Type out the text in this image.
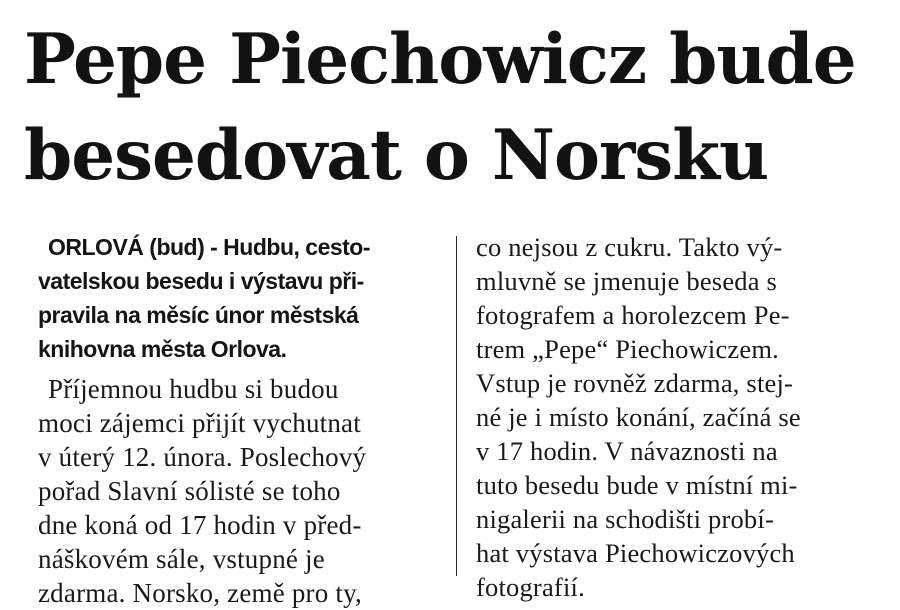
Pepe Piechowicz bude
besedovat o Norsku
ORLOVÁ (bud) - Hudbu, cesto-
vatelskou besedu i výstavu při-
pravila na měsíc únor městská
knihovna města Orlova.
Příjemnou hudbu si budou
moci zájemci přijít vychutnat
v úterý 12. února. Poslechový
pořad Slavní sólisté se toho
dne koná od 17 hodin v před-
náškovém sále, vstupné je
zdarma. Norsko, země pro ty,
co nejsou z cukru. Takto vý-
mluvně se jmenuje beseda s
fotografem a horolezcem Pe-
trem „Pepe“ Piechowiczem.
Vstup je rovněž zdarma, stej-
né je i místo konání, začíná se
v 17 hodin. V návaznosti na
tuto besedu bude v místní mi-
nigalerii na schodišti probí-
hat výstava Piechowiczových
fotografií.
